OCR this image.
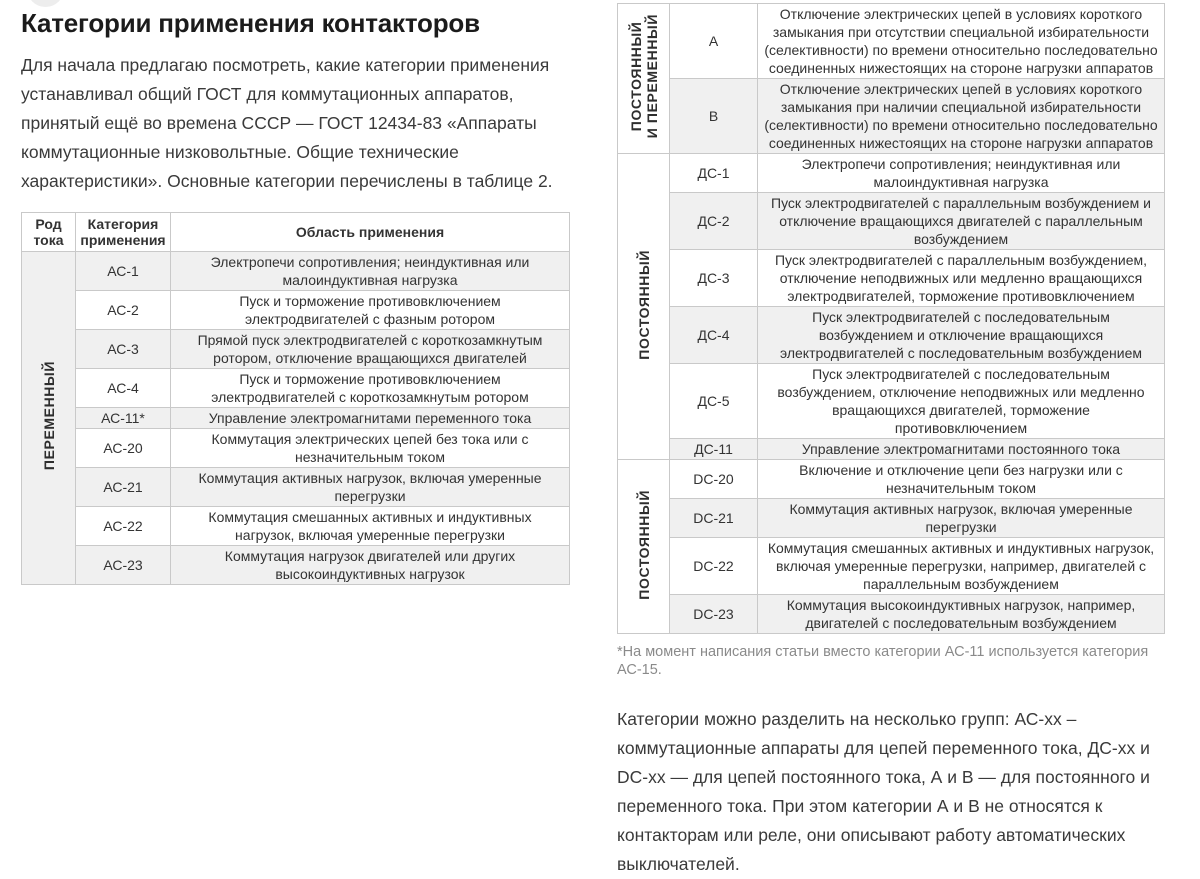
Категории применения контакторов

Для начала предлагаю посмотреть, какие категории применения устанавливал общий ГОСТ для коммутационных аппаратов, принятый ещё во времена СССР — ГОСТ 12434-83 «Аппараты коммутационные низковольтные. Общие технические характеристики». Основные категории перечислены в таблице 2.

Род тока	Категория применения	Область применения

ПЕРЕМЕННЫЙ	АС-1	Электропечи сопротивления; неиндуктивная или малоиндуктивная нагрузка
	АС-2	Пуск и торможение противовключением электродвигателей с фазным ротором
	АС-3	Прямой пуск электродвигателей с короткозамкнутым ротором, отключение вращающихся двигателей
	АС-4	Пуск и торможение противовключением электродвигателей с короткозамкнутым ротором
	АС-11*	Управление электромагнитами переменного тока
	АС-20	Коммутация электрических цепей без тока или с незначительным током
	АС-21	Коммутация активных нагрузок, включая умеренные перегрузки
	АС-22	Коммутация смешанных активных и индуктивных нагрузок, включая умеренные перегрузки
	АС-23	Коммутация нагрузок двигателей или других высокоиндуктивных нагрузок
ПОСТОЯННЫЙ И ПЕРЕМЕННЫЙ	А	Отключение электрических цепей в условиях короткого замыкания при отсутствии специальной избирательности (селективности) по времени относительно последовательно соединенных нижестоящих на стороне нагрузки аппаратов
	В	Отключение электрических цепей в условиях короткого замыкания при наличии специальной избирательности (селективности) по времени относительно последовательно соединенных нижестоящих на стороне нагрузки аппаратов

ПОСТОЯННЫЙ	ДС-1	Электропечи сопротивления; неиндуктивная или малоиндуктивная нагрузка
	ДС-2	Пуск электродвигателей с параллельным возбуждением и отключение вращающихся двигателей с параллельным возбуждением
	ДС-3	Пуск электродвигателей с параллельным возбуждением, отключение неподвижных или медленно вращающихся электродвигателей, торможение противовключением
	ДС-4	Пуск электродвигателей с последовательным возбуждением и отключение вращающихся электродвигателей с последовательным возбуждением
	ДС-5	Пуск электродвигателей с последовательным возбуждением, отключение неподвижных или медленно вращающихся двигателей, торможение противовключением
	ДС-11	Управление электромагнитами постоянного тока

ПОСТОЯННЫЙ	DC-20	Включение и отключение цепи без нагрузки или с незначительным током
	DC-21	Коммутация активных нагрузок, включая умеренные перегрузки
	DC-22	Коммутация смешанных активных и индуктивных нагрузок, включая умеренные перегрузки, например, двигателей с параллельным возбуждением
	DC-23	Коммутация высокоиндуктивных нагрузок, например, двигателей с последовательным возбуждением

*На момент написания статьи вместо категории АС-11 используется категория АС-15.

Категории можно разделить на несколько групп: АС-хх – коммутационные аппараты для цепей переменного тока, ДС-хх и DC-хх — для цепей постоянного тока, А и В — для постоянного и переменного тока. При этом категории А и В не относятся к контакторам или реле, они описывают работу автоматических выключателей.
